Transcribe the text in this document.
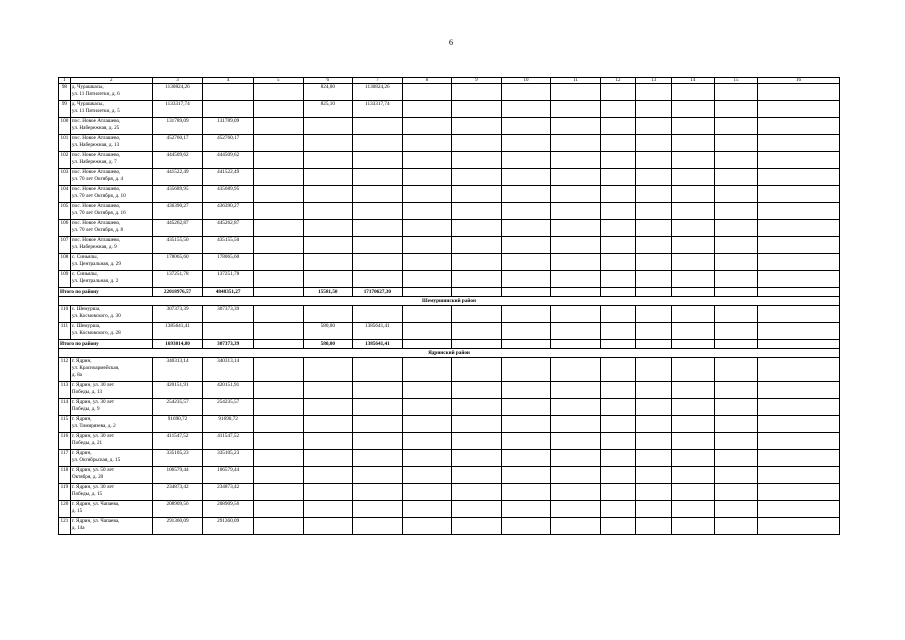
6
1	2	3	4	5	6	7	8	9	10	11	12	13	14	15	16
98	д. Чурашкасы,
ул. 11 Пятилетки, д. 6	1130824,26			824,00	1130824,26									
99	д. Чурашкасы,
ул. 11 Пятилетки, д. 5	1133317,74			825,10	1133317,74									
100	пос. Новое Атлашево,
ул. Набережная, д. 25	131789,09	131789,09												
101	пос. Новое Атлашево,
ул. Набережная, д. 13	452760,17	452760,17												
102	пос. Новое Атлашево,
ул. Набережная, д. 7	444509,62	444509,62												
103	пос. Новое Атлашево,
ул. 70 лет Октября, д. 4	441522,49	441522,49												
104	пос. Новое Атлашево,
ул. 70 лет Октября, д. 10	435689,95	435689,95												
105	пос. Новое Атлашево,
ул. 70 лет Октября, д. 16	436390,27	436390,27												
106	пос. Новое Атлашево,
ул. 70 лет Октября, д. 8	445262,87	445262,87												
107	пос. Новое Атлашево,
ул. Набережная, д. 9	435155,50	435155,50												
108	с. Синьялы,
ул. Центральная, д. 29	178065,60	178065,60												
109	с. Синьялы,
ул. Центральная, д. 2	137251,78	137251,78												
Итого по району		22018976,57	4848351,27		15581,50	17170627,30									
Шемуршинский район															
110	с. Шемурша,
ул. Космовского, д. 30	307373,39	307373,39												
111	с. Шемурша,
ул. Космовского, д. 28	1385641,41			580,00	1385641,41									
Итого по району		1693014,80	307373,39		580,00	1385641,41									
Ядринский район															
112	г. Ядрин,
ул. Красноармейская,
д. 8а	340313,14	340313,14												
113	г. Ядрин, ул. 30 лет
Победы, д. 13	420151,91	420151,91												
114	г. Ядрин, ул. 30 лет
Победы, д. 9	254235,57	254235,57												
115	г. Ядрин,
ул. Тимирязева, д. 2	91690,72	91690,72												
116	г. Ядрин, ул. 30 лет
Победы, д. 21	411547,52	411547,52												
117	г. Ядрин,
ул. Октябрьская, д. 15	335105,23	335105,23												
118	г. Ядрин, ул. 50 лет
Октября, д. 20	106579,44	106579,44												
119	г. Ядрин, ул. 30 лет
Победы, д. 15	234873,42	234873,42												
120	г. Ядрин, ул. Чапаева,
д. 15	208909,56	208909,56												
121	г. Ядрин, ул. Чапаева,
д. 14а	291360,09	291360,09												
